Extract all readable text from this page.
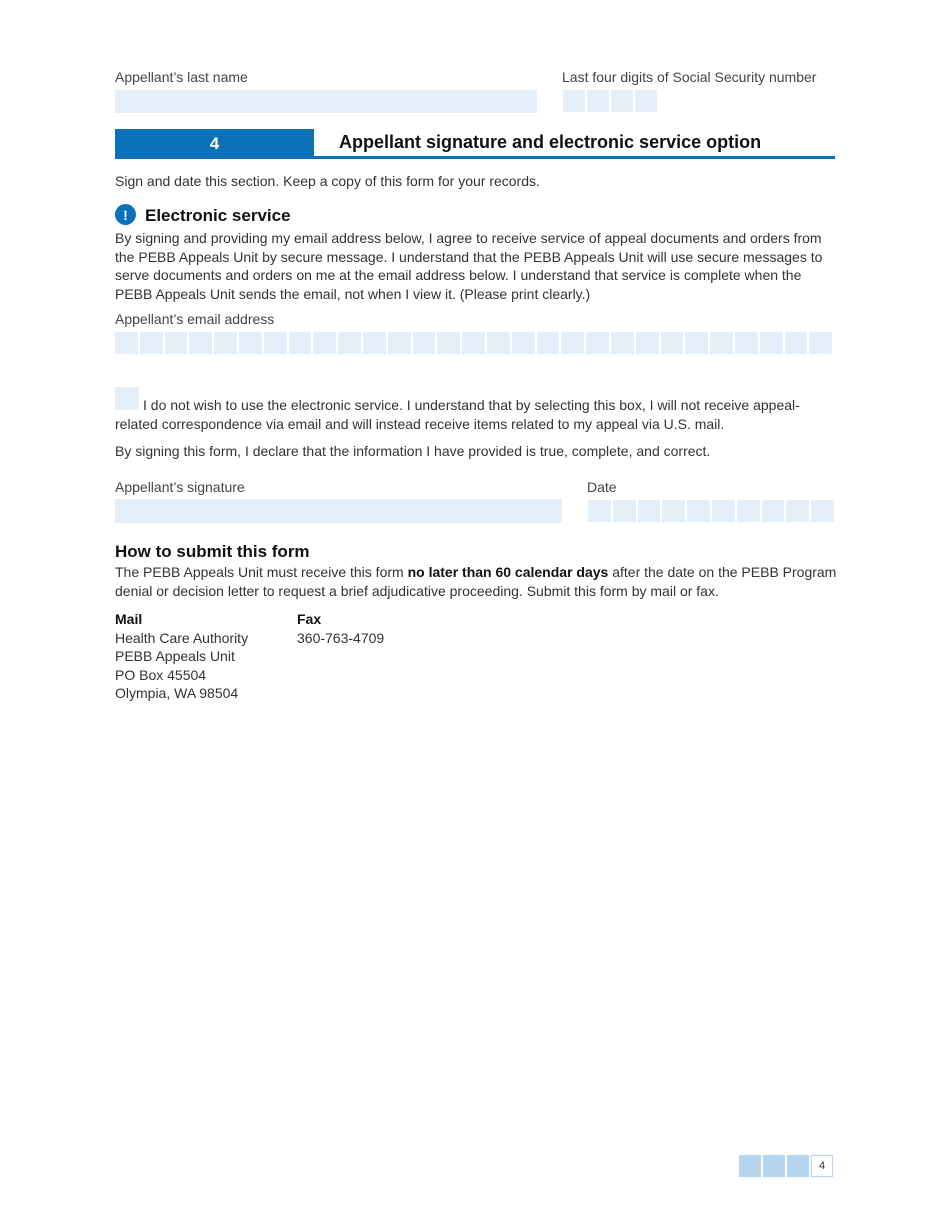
Appellant’s last name	Last four digits of Social Security number
4	Appellant signature and electronic service option

Sign and date this section. Keep a copy of this form for your records.

!	Electronic service

By signing and providing my email address below, I agree to receive service of appeal documents and orders from the PEBB Appeals Unit by secure message. I understand that the PEBB Appeals Unit will use secure messages to serve documents and orders on me at the email address below. I understand that service is complete when the PEBB Appeals Unit sends the email, not when I view it. (Please print clearly.)

Appellant’s email address

I do not wish to use the electronic service. I understand that by selecting this box, I will not receive appeal-related correspondence via email and will instead receive items related to my appeal via U.S. mail.

By signing this form, I declare that the information I have provided is true, complete, and correct.

Appellant’s signature	Date
How to submit this form

The PEBB Appeals Unit must receive this form no later than 60 calendar days after the date on the PEBB Program denial or decision letter to request a brief adjudicative proceeding. Submit this form by mail or fax.

Mail
Health Care Authority
PEBB Appeals Unit
PO Box 45504
Olympia, WA 98504
Fax
360-763-4709
4
